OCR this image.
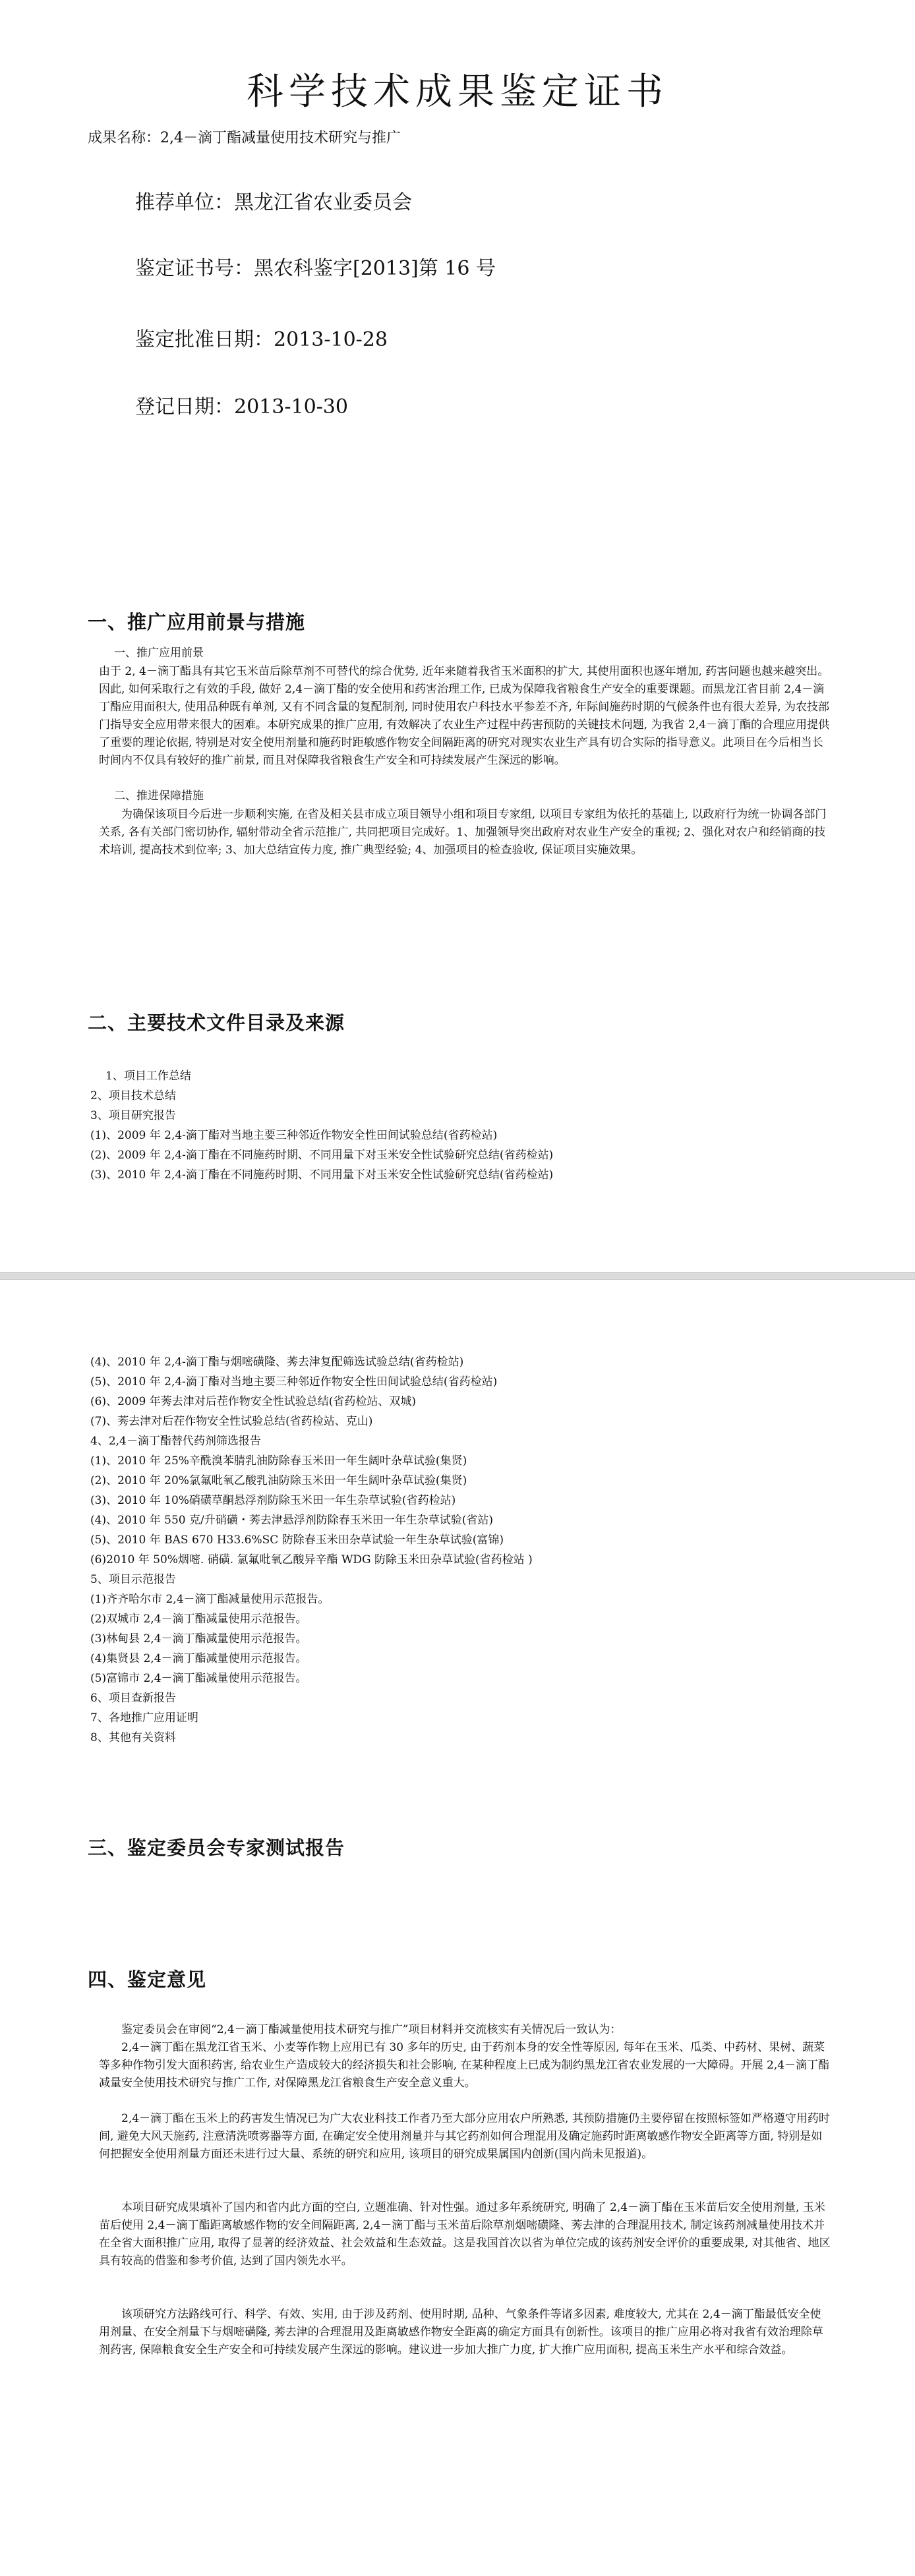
科学技术成果鉴定证书
成果名称：2,4－滴丁酯减量使用技术研究与推广
推荐单位：黑龙江省农业委员会
鉴定证书号：黑农科鉴字[2013]第 16 号
鉴定批准日期：2013-10-28
登记日期：2013-10-30
一、推广应用前景与措施
一、推广应用前景

由于 2, 4－滴丁酯具有其它玉米苗后除草剂不可替代的综合优势, 近年来随着我省玉米面积的扩大, 其使用面积也逐年增加, 药害问题也越来越突出。因此, 如何采取行之有效的手段, 做好 2,4－滴丁酯的安全使用和药害治理工作, 已成为保障我省粮食生产安全的重要课题。而黑龙江省目前 2,4－滴丁酯应用面积大, 使用品种既有单剂, 又有不同含量的复配制剂, 同时使用农户科技水平参差不齐, 年际间施药时期的气候条件也有很大差异, 为农技部门指导安全应用带来很大的困难。本研究成果的推广应用, 有效解决了农业生产过程中药害预防的关键技术问题, 为我省 2,4－滴丁酯的合理应用提供了重要的理论依据, 特别是对安全使用剂量和施药时距敏感作物安全间隔距离的研究对现实农业生产具有切合实际的指导意义。此项目在今后相当长时间内不仅具有较好的推广前景, 而且对保障我省粮食生产安全和可持续发展产生深远的影响。

二、推进保障措施

为确保该项目今后进一步顺利实施, 在省及相关县市成立项目领导小组和项目专家组, 以项目专家组为依托的基础上, 以政府行为统一协调各部门关系, 各有关部门密切协作, 辐射带动全省示范推广, 共同把项目完成好。1、加强领导突出政府对农业生产安全的重视; 2、强化对农户和经销商的技术培训, 提高技术到位率; 3、加大总结宣传力度, 推广典型经验; 4、加强项目的检查验收, 保证项目实施效果。

二、主要技术文件目录及来源
1、项目工作总结
2、项目技术总结
3、项目研究报告
(1)、2009 年 2,4-滴丁酯对当地主要三种邻近作物安全性田间试验总结(省药检站)
(2)、2009 年 2,4-滴丁酯在不同施药时期、不同用量下对玉米安全性试验研究总结(省药检站)
(3)、2010 年 2,4-滴丁酯在不同施药时期、不同用量下对玉米安全性试验研究总结(省药检站)
(4)、2010 年 2,4-滴丁酯与烟嘧磺隆、莠去津复配筛选试验总结(省药检站)
(5)、2010 年 2,4-滴丁酯对当地主要三种邻近作物安全性田间试验总结(省药检站)
(6)、2009 年莠去津对后茬作物安全性试验总结(省药检站、双城)
(7)、莠去津对后茬作物安全性试验总结(省药检站、克山)
4、2,4－滴丁酯替代药剂筛选报告
(1)、2010 年 25%辛酰溴苯腈乳油防除春玉米田一年生阔叶杂草试验(集贤)
(2)、2010 年 20%氯氟吡氧乙酸乳油防除玉米田一年生阔叶杂草试验(集贤)
(3)、2010 年 10%硝磺草酮悬浮剂防除玉米田一年生杂草试验(省药检站)
(4)、2010 年 550 克/升硝磺・莠去津悬浮剂防除春玉米田一年生杂草试验(省站)
(5)、2010 年 BAS 670 H33.6%SC 防除春玉米田杂草试验一年生杂草试验(富锦)
(6)2010 年 50%烟嘧. 硝磺. 氯氟吡氧乙酸异辛酯 WDG 防除玉米田杂草试验(省药检站 )
5、项目示范报告
(1)齐齐哈尔市 2,4－滴丁酯减量使用示范报告。
(2)双城市 2,4－滴丁酯减量使用示范报告。
(3)林甸县 2,4－滴丁酯减量使用示范报告。
(4)集贤县 2,4－滴丁酯减量使用示范报告。
(5)富锦市 2,4－滴丁酯减量使用示范报告。
6、项目查新报告
7、各地推广应用证明
8、其他有关资料
三、鉴定委员会专家测试报告
四、鉴定意见

鉴定委员会在审阅“2,4－滴丁酯减量使用技术研究与推广”项目材料并交流核实有关情况后一致认为：

2,4－滴丁酯在黑龙江省玉米、小麦等作物上应用已有 30 多年的历史, 由于药剂本身的安全性等原因, 每年在玉米、瓜类、中药材、果树、蔬菜等多种作物引发大面积药害, 给农业生产造成较大的经济损失和社会影响, 在某种程度上已成为制约黑龙江省农业发展的一大障碍。开展 2,4－滴丁酯减量安全使用技术研究与推广工作, 对保障黑龙江省粮食生产安全意义重大。

2,4－滴丁酯在玉米上的药害发生情况已为广大农业科技工作者乃至大部分应用农户所熟悉, 其预防措施仍主要停留在按照标签如严格遵守用药时间, 避免大风天施药, 注意清洗喷雾器等方面, 在确定安全使用剂量并与其它药剂如何合理混用及确定施药时距离敏感作物安全距离等方面, 特别是如何把握安全使用剂量方面还未进行过大量、系统的研究和应用, 该项目的研究成果属国内创新(国内尚未见报道)。

本项目研究成果填补了国内和省内此方面的空白, 立题准确、针对性强。通过多年系统研究, 明确了 2,4－滴丁酯在玉米苗后安全使用剂量, 玉米苗后使用 2,4－滴丁酯距离敏感作物的安全间隔距离, 2,4－滴丁酯与玉米苗后除草剂烟嘧磺隆、莠去津的合理混用技术, 制定该药剂减量使用技术并在全省大面积推广应用, 取得了显著的经济效益、社会效益和生态效益。这是我国首次以省为单位完成的该药剂安全评价的重要成果, 对其他省、地区具有较高的借鉴和参考价值, 达到了国内领先水平。

该项研究方法路线可行、科学、有效、实用, 由于涉及药剂、使用时期, 品种、气象条件等诸多因素, 难度较大, 尤其在 2,4－滴丁酯最低安全使用剂量、在安全剂量下与烟嘧磺隆, 莠去津的合理混用及距离敏感作物安全距离的确定方面具有创新性。该项目的推广应用必将对我省有效治理除草剂药害, 保障粮食安全生产安全和可持续发展产生深远的影响。建议进一步加大推广力度, 扩大推广应用面积, 提高玉米生产水平和综合效益。
